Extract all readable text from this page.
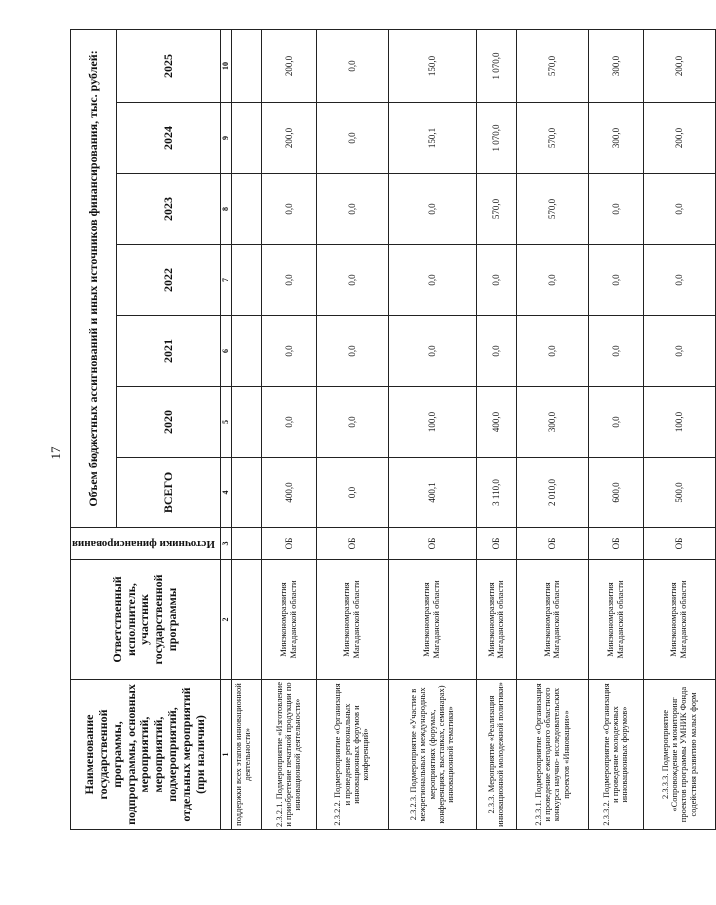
17
Наименование государственной программы, подпрограммы, основных мероприятий, мероприятий, подмероприятий, отдельных мероприятий (при наличии)	Ответственный исполнитель, участник государственной программы	Источники финансирования	Объем бюджетных ассигнований и иных источников финансирования, тыс. рублей:						
			ВСЕГО	2020	2021	2022	2023	2024	2025
1	2	3	4	5	6	7	8	9	10
поддержки всех этапов инновационной деятельности»									
2.3.2.1. Подмероприятие «Изготовление и приобретение печатной продукции по инновационной деятельности»	Минэкономразвития Магаданской области	ОБ	400,0	0,0	0,0	0,0	0,0	200,0	200,0
2.3.2.2. Подмероприятие «Организация и проведение региональных инновационных форумов и конференций»	Минэкономразвития Магаданской области	ОБ	0,0	0,0	0,0	0,0	0,0	0,0	0,0
2.3.2.3. Подмероприятие «Участие в межрегиональных и международных мероприятиях (форумах, конференциях, выставках, семинарах) инновационной тематики»	Минэкономразвития Магаданской области	ОБ	400,1	100,0	0,0	0,0	0,0	150,1	150,0
2.3.3. Мероприятие «Реализация инновационной молодежной политики»	Минэкономразвития Магаданской области	ОБ	3 110,0	400,0	0,0	0,0	570,0	1 070,0	1 070,0
2.3.3.1. Подмероприятие «Организация и проведение ежегодного областного конкурса научно- исследовательских проектов «Инновации»»	Минэкономразвития Магаданской области	ОБ	2 010,0	300,0	0,0	0,0	570,0	570,0	570,0
2.3.3.2. Подмероприятие «Организация и проведение молодежных инновационных форумов»	Минэкономразвития Магаданской области	ОБ	600,0	0,0	0,0	0,0	0,0	300,0	300,0
2.3.3.3. Подмероприятие «Сопровождение и мониторинг проектов программы УМНИК Фонда содействия развитию малых форм	Минэкономразвития Магаданской области	ОБ	500,0	100,0	0,0	0,0	0,0	200,0	200,0
